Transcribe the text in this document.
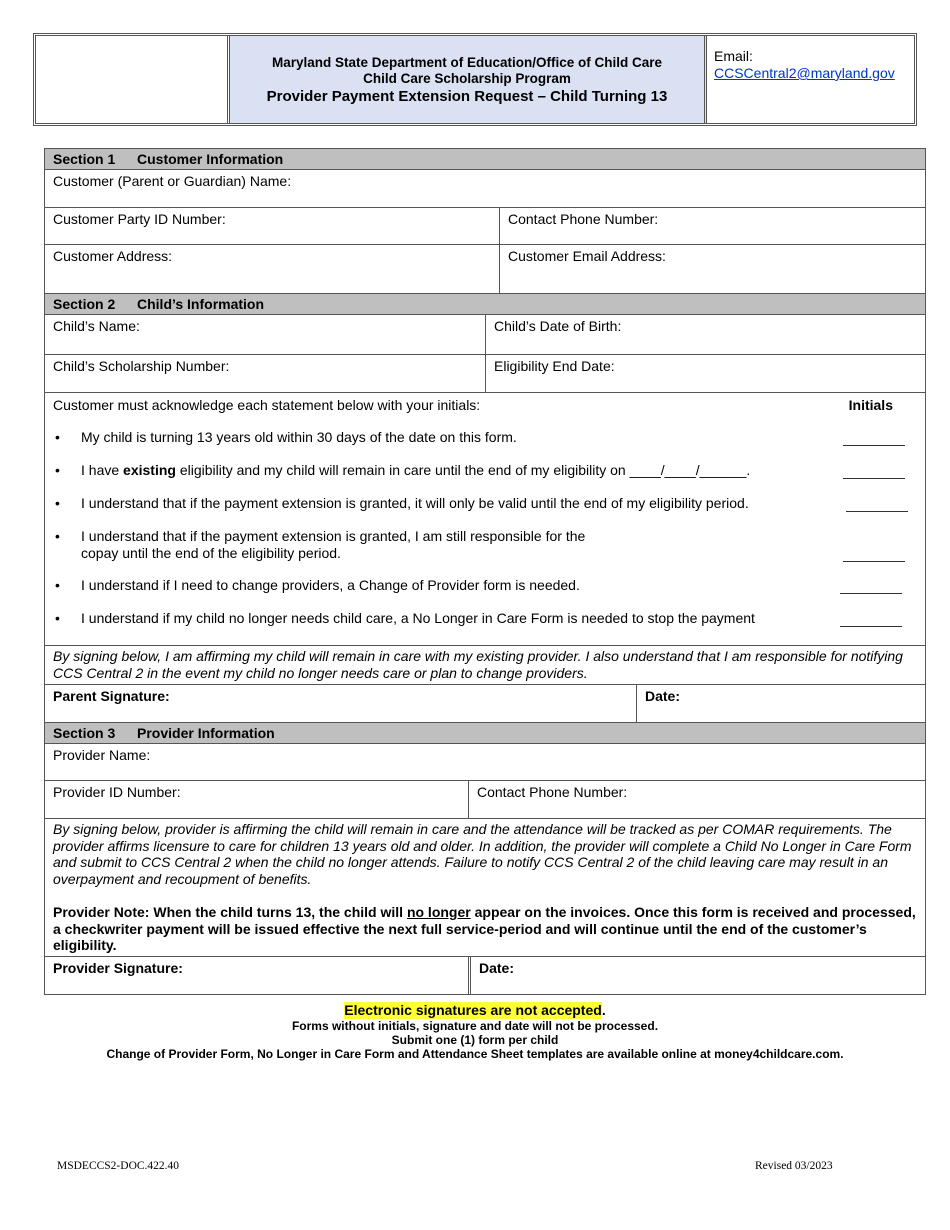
Maryland State Department of Education/Office of Child Care
Child Care Scholarship Program
Provider Payment Extension Request – Child Turning 13
Email:
CCSCentral2@maryland.gov
Section 1 Customer Information
Customer (Parent or Guardian) Name:
Customer Party ID Number:	Contact Phone Number:
Customer Address:	Customer Email Address:
Section 2 Child’s Information
Child’s Name:	Child’s Date of Birth:
Child’s Scholarship Number:	Eligibility End Date:
Customer must acknowledge each statement below with your initials:	Initials
•	My child is turning 13 years old within 30 days of the date on this form.
•	I have existing eligibility and my child will remain in care until the end of my eligibility on ____/____/______.
•	I understand that if the payment extension is granted, it will only be valid until the end of my eligibility period.
•	I understand that if the payment extension is granted, I am still responsible for the
copay until the end of the eligibility period.
•	I understand if I need to change providers, a Change of Provider form is needed.
•	I understand if my child no longer needs child care, a No Longer in Care Form is needed to stop the payment
By signing below, I am affirming my child will remain in care with my existing provider. I also understand that I am responsible for notifying CCS Central 2 in the event my child no longer needs care or plan to change providers.
Parent Signature:	Date:
Section 3 Provider Information
Provider Name:
Provider ID Number:	Contact Phone Number:
By signing below, provider is affirming the child will remain in care and the attendance will be tracked as per COMAR requirements. The provider affirms licensure to care for children 13 years old and older. In addition, the provider will complete a Child No Longer in Care Form and submit to CCS Central 2 when the child no longer attends. Failure to notify CCS Central 2 of the child leaving care may result in an overpayment and recoupment of benefits.
Provider Note: When the child turns 13, the child will no longer appear on the invoices. Once this form is received and processed, a checkwriter payment will be issued effective the next full service-period and will continue until the end of the customer’s eligibility.
Provider Signature:	Date:
Electronic signatures are not accepted.
Forms without initials, signature and date will not be processed.
Submit one (1) form per child
Change of Provider Form, No Longer in Care Form and Attendance Sheet templates are available online at money4childcare.com.
MSDECCS2-DOC.422.40	Revised 03/2023
